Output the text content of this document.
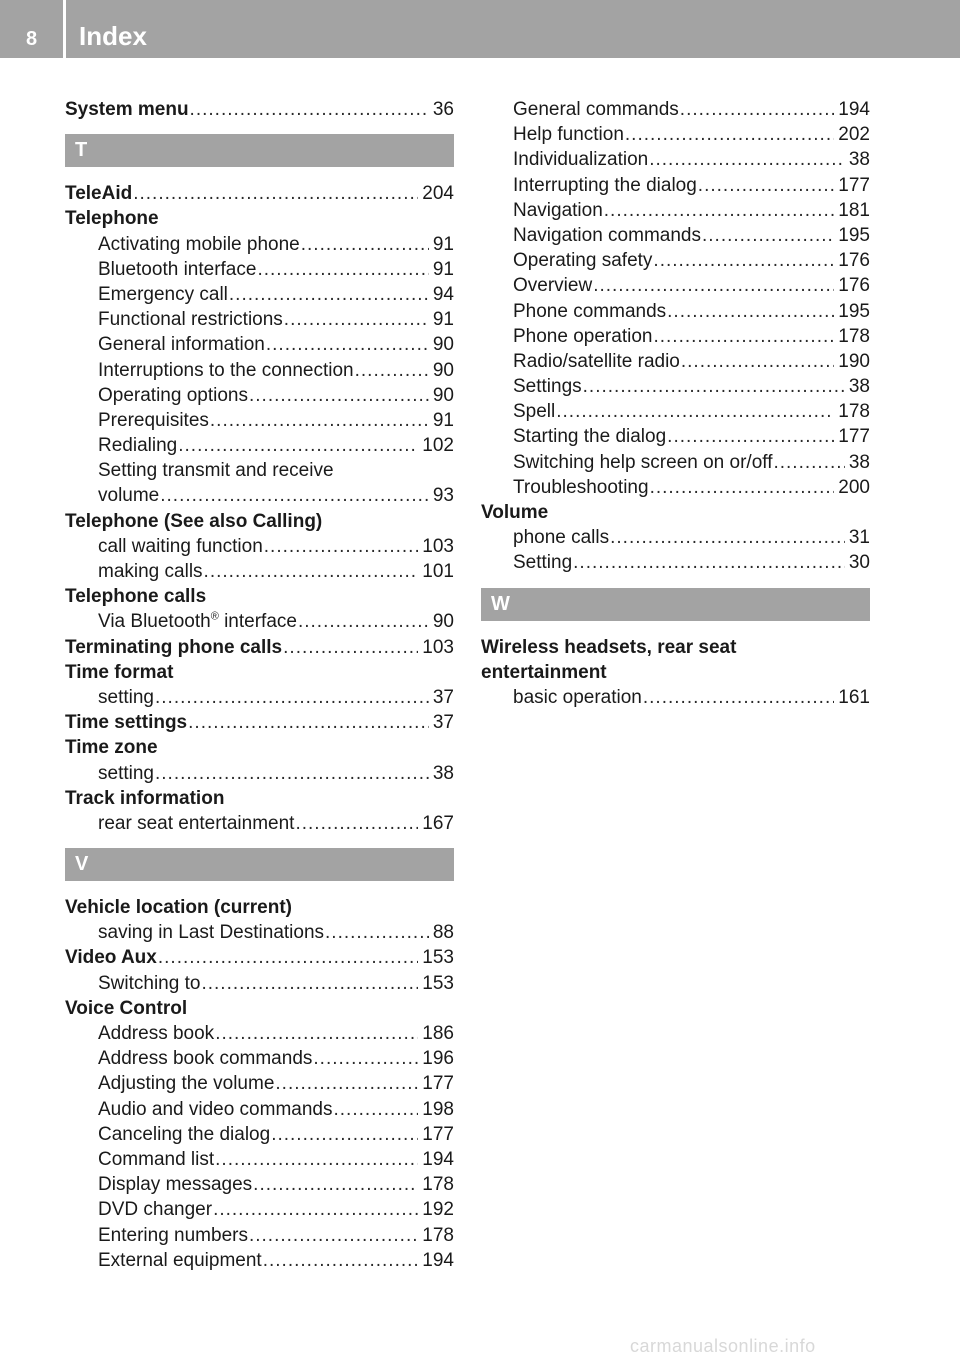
8 Index
System menu .....	36
T
TeleAid .....	204
Telephone
Activating mobile phone .....	91
Bluetooth interface .....	91
Emergency call .....	94
Functional restrictions .....	91
General information .....	90
Interruptions to the connection .....	90
Operating options .....	90
Prerequisites .....	91
Redialing .....	102
Setting transmit and receive
volume .....	93
Telephone (See also Calling)
call waiting function .....	103
making calls .....	101
Telephone calls
Via Bluetooth® interface .....	90
Terminating phone calls .....	103
Time format
setting .....	37
Time settings .....	37
Time zone
setting .....	38
Track information
rear seat entertainment .....	167
V
Vehicle location (current)
saving in Last Destinations .....	88
Video Aux .....	153
Switching to .....	153
Voice Control
Address book .....	186
Address book commands .....	196
Adjusting the volume .....	177
Audio and video commands .....	198
Canceling the dialog .....	177
Command list .....	194
Display messages .....	178
DVD changer .....	192
Entering numbers .....	178
External equipment .....	194
General commands .....	194
Help function .....	202
Individualization .....	38
Interrupting the dialog .....	177
Navigation .....	181
Navigation commands .....	195
Operating safety .....	176
Overview .....	176
Phone commands .....	195
Phone operation .....	178
Radio/satellite radio .....	190
Settings .....	38
Spell .....	178
Starting the dialog .....	177
Switching help screen on or/off .....	38
Troubleshooting .....	200
Volume
phone calls .....	31
Setting .....	30
W
Wireless headsets, rear seat
entertainment
basic operation .....	161
carmanualsonline.info
